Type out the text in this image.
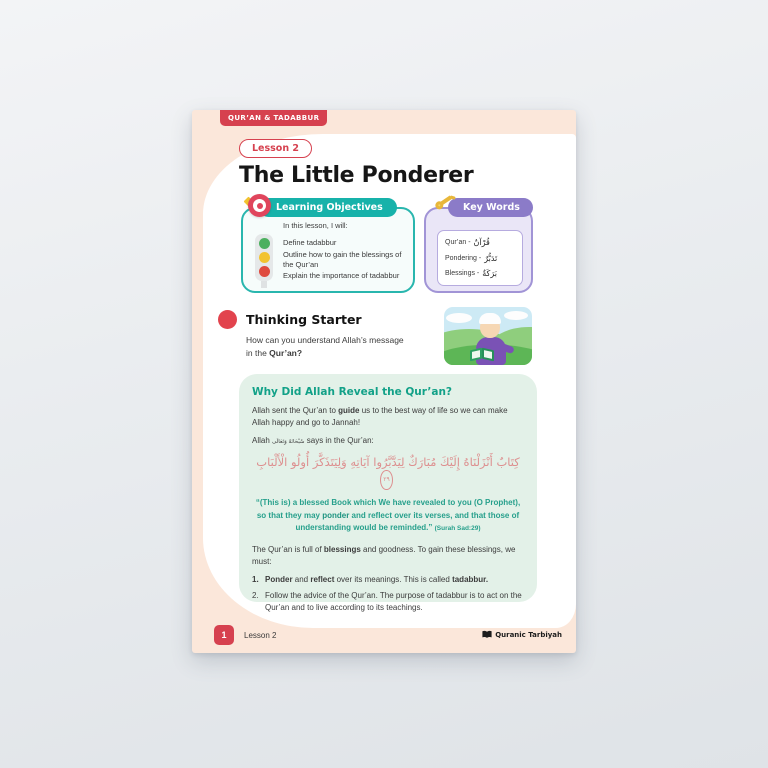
QUR’AN & TADABBUR
Lesson 2
The Little Ponderer
Learning Objectives
In this lesson, I will:
Define tadabbur
Outline how to gain the blessings of the Qur’an
Explain the importance of tadabbur
Key Words
Qur’an - قُرْآنٌ
Pondering - تَدَبُّرٌ
Blessings - بَرَكَةٌ
Thinking Starter
How can you understand Allah’s message in the Qur’an?
Why Did Allah Reveal the Qur’an?

Allah sent the Qur’an to guide us to the best way of life so we can make Allah happy and go to Jannah!

Allah سُبْحَانَهُ وَتَعَالَى says in the Qur’an:

كِتَابٌ أَنْزَلْنَاهُ إِلَيْكَ مُبَارَكٌ لِيَدَّبَّرُوا آيَاتِهِ وَلِيَتَذَكَّرَ أُولُو الْأَلْبَابِ ٢٩
“(This is) a blessed Book which We have revealed to you (O Prophet), so that they may ponder and reflect over its verses, and that those of understanding would be reminded.” (Surah Sad:29)

The Qur’an is full of blessings and goodness. To gain these blessings, we must:

1. Ponder and reflect over its meanings. This is called tadabbur.
2. Follow the advice of the Qur’an. The purpose of tadabbur is to act on the Qur’an and to live according to its teachings.
1	Lesson 2	Quranic Tarbiyah
